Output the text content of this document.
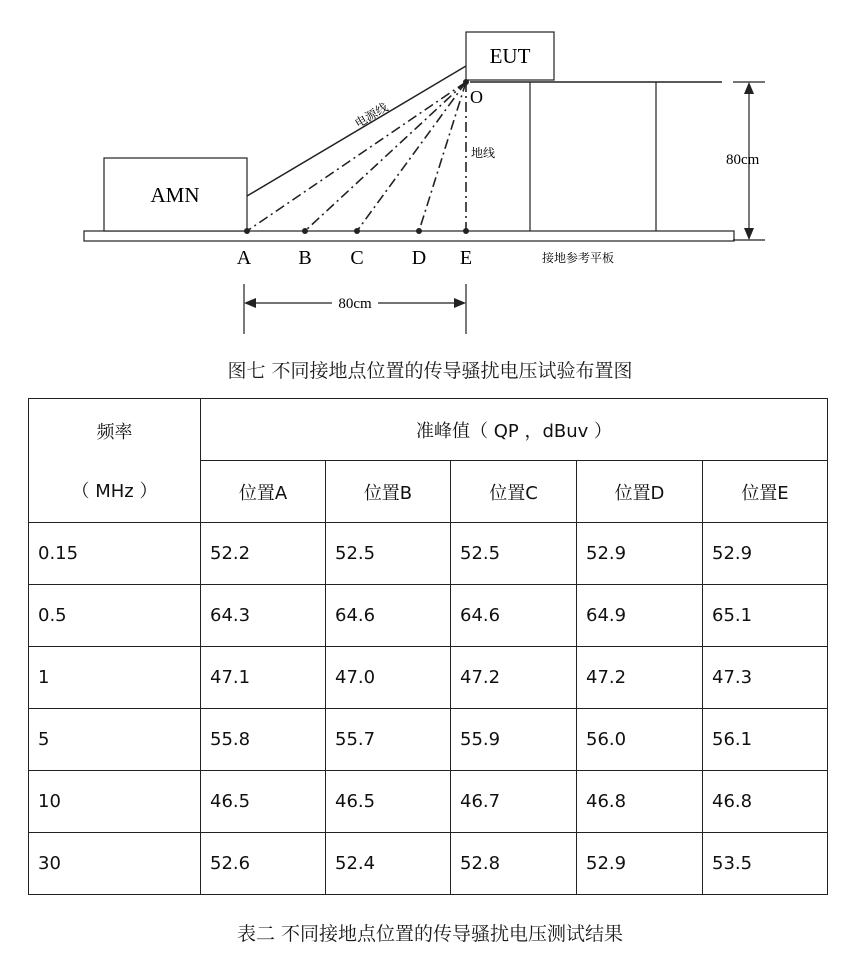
AMN
EUT
电源线
地线
O
A B C D E	接地参考平板
80cm
80cm
图七 不同接地点位置的传导骚扰电压试验布置图
频率
（ MHz ）	准峰值（ QP ，dBuv ）				
	位置A	位置B	位置C	位置D	位置E
0.15	52.2	52.5	52.5	52.9	52.9
0.5	64.3	64.6	64.6	64.9	65.1
1	47.1	47.0	47.2	47.2	47.3
5	55.8	55.7	55.9	56.0	56.1
10	46.5	46.5	46.7	46.8	46.8
30	52.6	52.4	52.8	52.9	53.5
表二 不同接地点位置的传导骚扰电压测试结果
